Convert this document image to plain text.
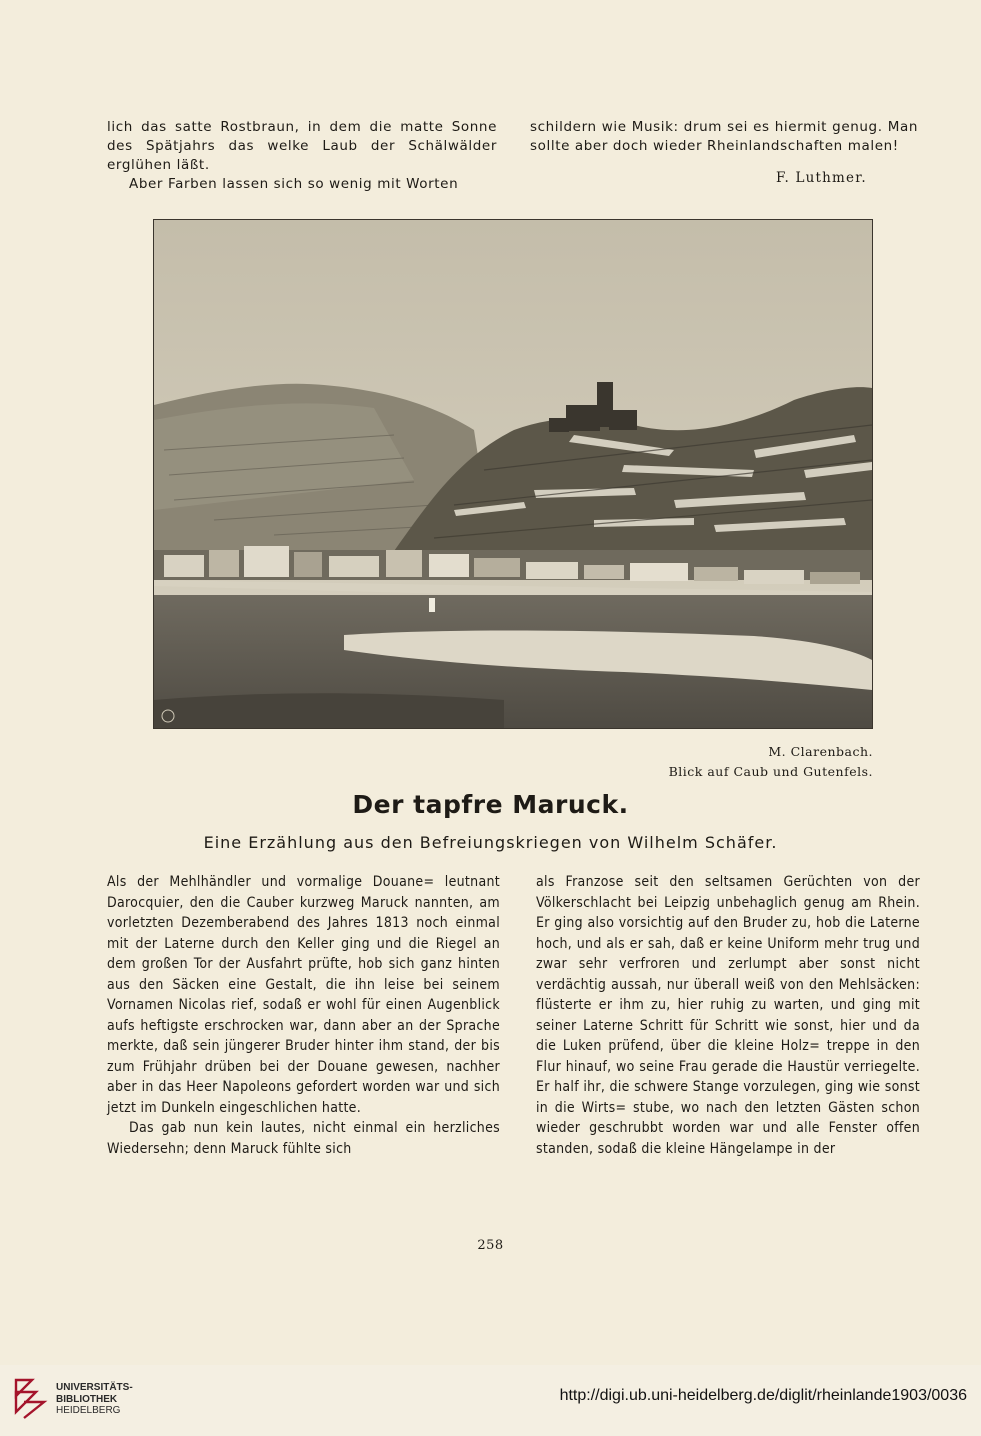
lich das satte Rostbraun, in dem die matte Sonne des Spätjahrs das welke Laub der Schälwälder erglühen läßt.

Aber Farben lassen sich so wenig mit Worten

schildern wie Musik: drum sei es hiermit genug. Man sollte aber doch wieder Rheinlandschaften malen!

F. Luthmer.
M. Clarenbach.
Blick auf Caub und Gutenfels.
Der tapfre Maruck.
Eine Erzählung aus den Befreiungskriegen von Wilhelm Schäfer.

Als der Mehlhändler und vormalige Douane= leutnant Darocquier, den die Cauber kurzweg Maruck nannten, am vorletzten Dezemberabend des Jahres 1813 noch einmal mit der Laterne durch den Keller ging und die Riegel an dem großen Tor der Ausfahrt prüfte, hob sich ganz hinten aus den Säcken eine Gestalt, die ihn leise bei seinem Vornamen Nicolas rief, sodaß er wohl für einen Augenblick aufs heftigste erschrocken war, dann aber an der Sprache merkte, daß sein jüngerer Bruder hinter ihm stand, der bis zum Frühjahr drüben bei der Douane gewesen, nachher aber in das Heer Napoleons gefordert worden war und sich jetzt im Dunkeln eingeschlichen hatte.

Das gab nun kein lautes, nicht einmal ein herzliches Wiedersehn; denn Maruck fühlte sich

als Franzose seit den seltsamen Gerüchten von der Völkerschlacht bei Leipzig unbehaglich genug am Rhein. Er ging also vorsichtig auf den Bruder zu, hob die Laterne hoch, und als er sah, daß er keine Uniform mehr trug und zwar sehr verfroren und zerlumpt aber sonst nicht verdächtig aussah, nur überall weiß von den Mehlsäcken: flüsterte er ihm zu, hier ruhig zu warten, und ging mit seiner Laterne Schritt für Schritt wie sonst, hier und da die Luken prüfend, über die kleine Holz= treppe in den Flur hinauf, wo seine Frau gerade die Haustür verriegelte. Er half ihr, die schwere Stange vorzulegen, ging wie sonst in die Wirts= stube, wo nach den letzten Gästen schon wieder geschrubbt worden war und alle Fenster offen standen, sodaß die kleine Hängelampe in der

258
UNIVERSITÄTS-
BIBLIOTHEK
HEIDELBERG
http://digi.ub.uni-heidelberg.de/diglit/rheinlande1903/0036
